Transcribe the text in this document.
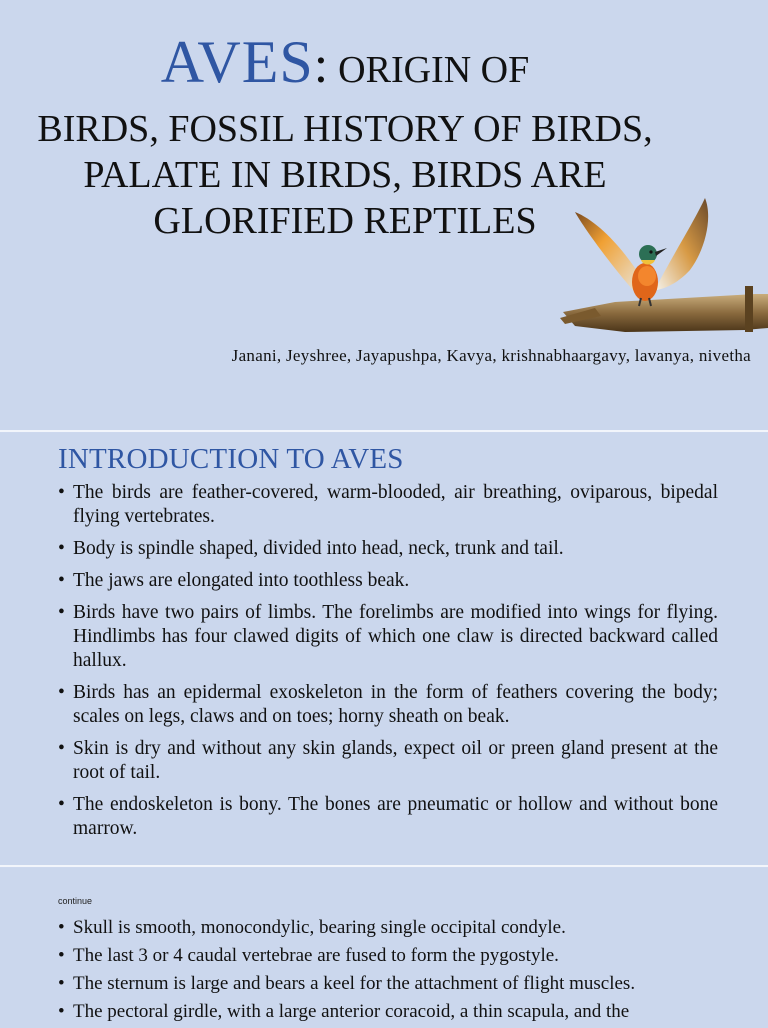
AVES: ORIGIN OF
BIRDS, FOSSIL HISTORY OF BIRDS, PALATE IN BIRDS, BIRDS ARE GLORIFIED REPTILES
Janani, Jeyshree, Jayapushpa, Kavya, krishnabhaargavy, lavanya, nivetha
INTRODUCTION TO AVES
• The birds are feather-covered, warm-blooded, air breathing, oviparous, bipedal flying vertebrates.
• Body is spindle shaped, divided into head, neck, trunk and tail.
• The jaws are elongated into toothless beak.
• Birds have two pairs of limbs. The forelimbs are modified into wings for flying. Hindlimbs has four clawed digits of which one claw is directed backward called hallux.
• Birds has an epidermal exoskeleton in the form of feathers covering the body; scales on legs, claws and on toes; horny sheath on beak.
• Skin is dry and without any skin glands, expect oil or preen gland present at the root of tail.
• The endoskeleton is bony. The bones are pneumatic or hollow and without bone marrow.
continue
• Skull is smooth, monocondylic, bearing single occipital condyle.
• The last 3 or 4 caudal vertebrae are fused to form the pygostyle.
• The sternum is large and bears a keel for the attachment of flight muscles.
• The pectoral girdle, with a large anterior coracoid, a thin scapula, and the
